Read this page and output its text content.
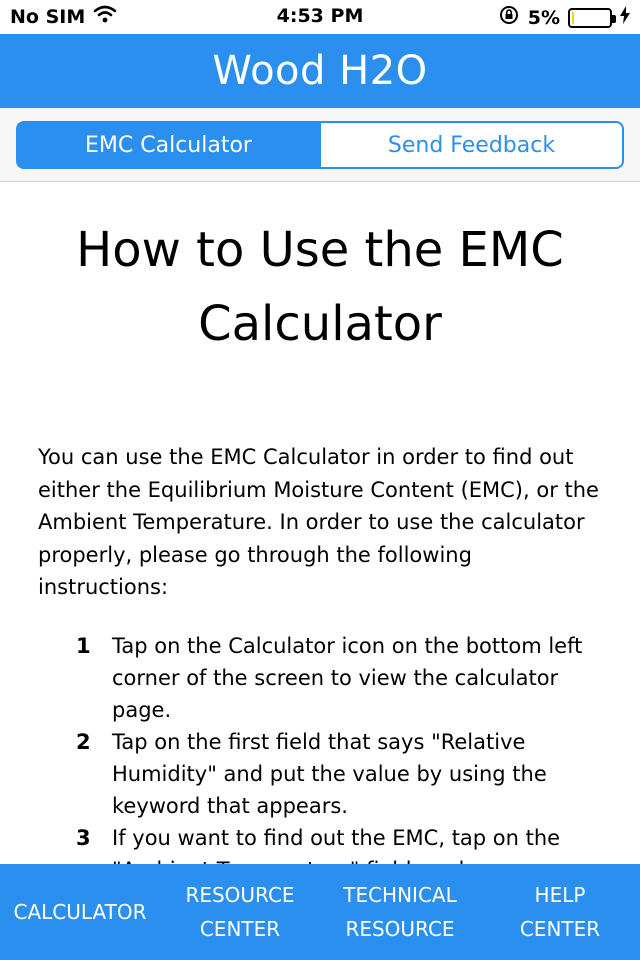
No SIM	4:53 PM	5%
Wood H2O
EMC Calculator	Send Feedback
How to Use the EMC Calculator

You can use the EMC Calculator in order to find out either the Equilibrium Moisture Content (EMC), or the Ambient Temperature. In order to use the calculator properly, please go through the following instructions:

1	Tap on the Calculator icon on the bottom left corner of the screen to view the calculator page.
2	Tap on the first field that says "Relative Humidity" and put the value by using the keyword that appears.
3	If you want to find out the EMC, tap on the
CALCULATOR
RESOURCE
CENTER
TECHNICAL
RESOURCE
HELP
CENTER
